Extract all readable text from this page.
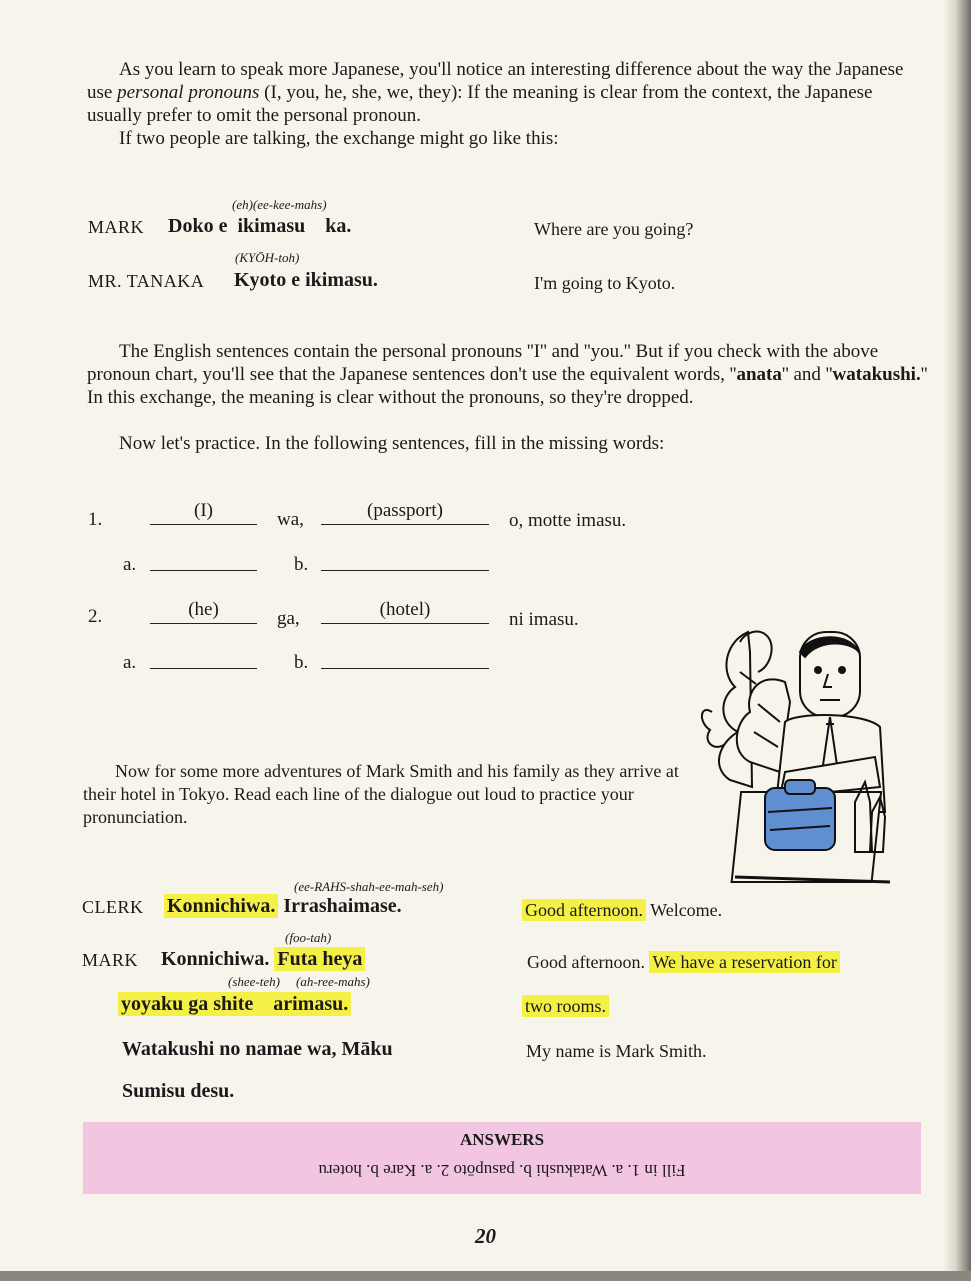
As you learn to speak more Japanese, you'll notice an interesting difference about the way the Japanese use personal pronouns (I, you, he, she, we, they): If the meaning is clear from the context, the Japanese usually prefer to omit the personal pronoun.

If two people are talking, the exchange might go like this:

(eh)(ee-kee-mahs)
MARK Doko e  ikimasu    ka.	Where are you going?
(KYŌH-toh)
MR. TANAKA Kyoto e ikimasu.	I'm going to Kyoto.

The English sentences contain the personal pronouns ''I'' and ''you.'' But if you check with the above pronoun chart, you'll see that the Japanese sentences don't use the equivalent words, ''anata'' and ''watakushi.'' In this exchange, the meaning is clear without the pronouns, so they're dropped.

Now let's practice. In the following sentences, fill in the missing words:

1.	(I)	wa,	(passport)	o, motte imasu.
a.	b.
2.	(he)	ga,	(hotel)	ni imasu.
a.	b.

Now for some more adventures of Mark Smith and his family as they arrive at their hotel in Tokyo. Read each line of the dialogue out loud to practice your pronunciation.

(ee-RAHS-shah-ee-mah-seh)
CLERK Konnichiwa. Irrashaimase.	Good afternoon. Welcome.
(foo-tah)
MARK Konnichiwa. Futa heya	Good afternoon. We have a reservation for
(shee-teh) (ah-ree-mahs)
yoyaku ga shite    arimasu.	two rooms.
Watakushi no namae wa, Māku	My name is Mark Smith.
Sumisu desu.
ANSWERS
Fill in 1. a. Watakushi b. pasupōto 2. a. Kare b. hoteru
20
